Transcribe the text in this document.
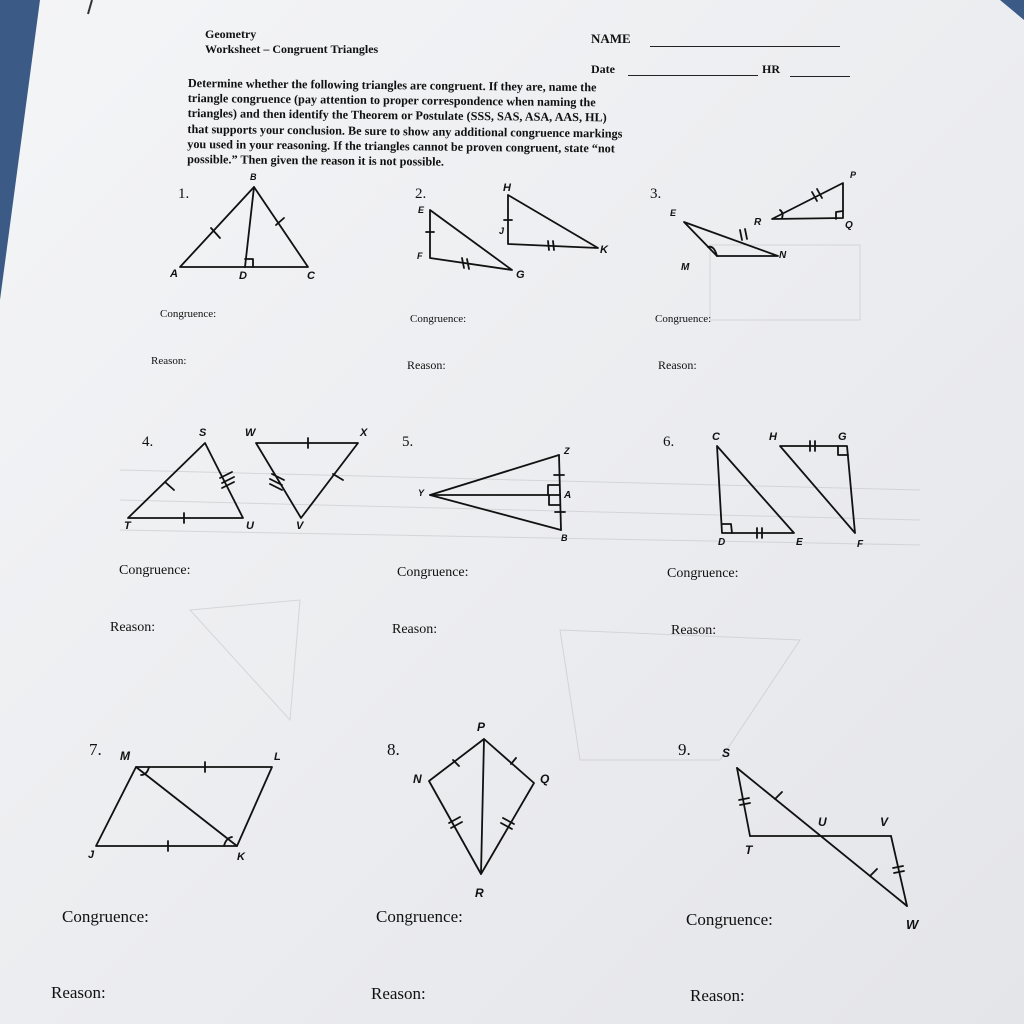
Geometry
Worksheet – Congruent Triangles
NAME
Date	HR
Determine whether the following triangles are congruent. If they are, name the
triangle congruence (pay attention to proper correspondence when naming the
triangles) and then identify the Theorem or Postulate (SSS, SAS, ASA, AAS, HL)
that supports your conclusion. Be sure to show any additional congruence markings
you used in your reasoning. If the triangles cannot be proven congruent, state “not
possible.” Then given the reason it is not possible.
1.	2.	3.
4.	5.	6.
7.	8.	9.
B
A	D	C
H
E
J
K
F
G
P
E
R	Q
N
M
S	W	X
T	U	V
Z
Y	A
B
C	H	G
D	E	F
M	L
J	K
P
N	Q
R
S
U	V
T
W
Congruence:	Congruence:	Congruence:
Reason:	Reason:	Reason:
Congruence:	Congruence:	Congruence:
Reason:	Reason:	Reason:
Congruence:	Congruence:	Congruence:
Reason:	Reason:	Reason:
